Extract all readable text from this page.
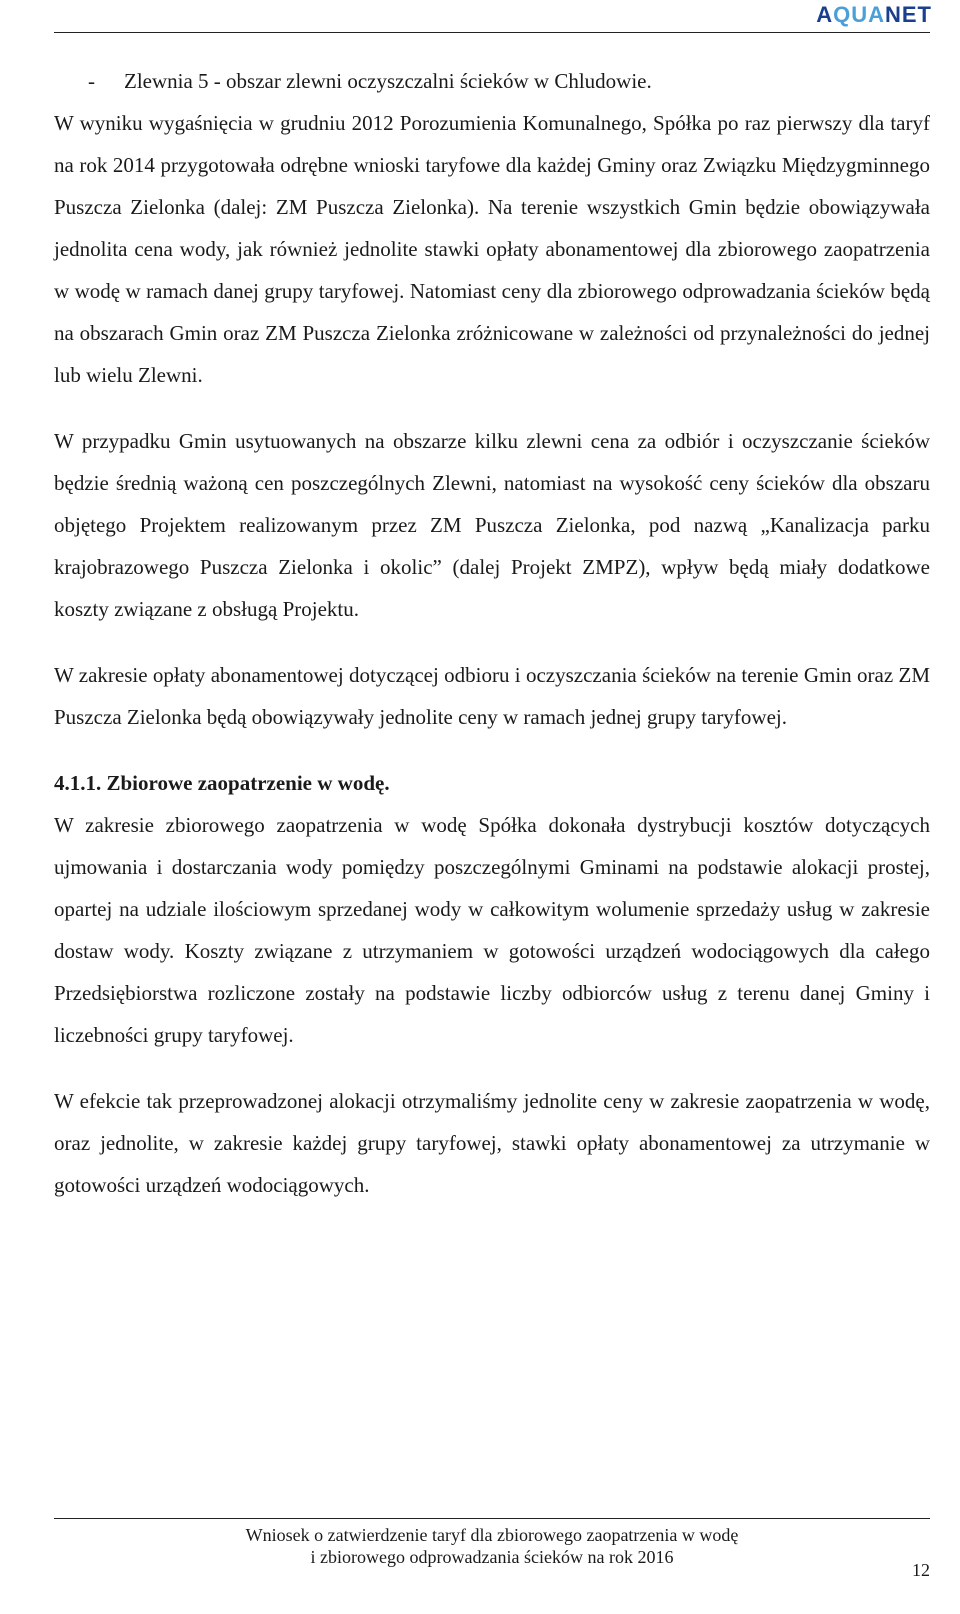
A QUA NET
-	Zlewnia 5 - obszar zlewni oczyszczalni ścieków w Chludowie.

W wyniku wygaśnięcia w grudniu 2012 Porozumienia Komunalnego, Spółka po raz pierwszy dla taryf na rok 2014 przygotowała odrębne wnioski taryfowe dla każdej Gminy oraz Związku Międzygminnego Puszcza Zielonka (dalej: ZM Puszcza Zielonka). Na terenie wszystkich Gmin będzie obowiązywała jednolita cena wody, jak również jednolite stawki opłaty abonamentowej dla zbiorowego zaopatrzenia w wodę w ramach danej grupy taryfowej. Natomiast ceny dla zbiorowego odprowadzania ścieków będą na obszarach Gmin oraz ZM Puszcza Zielonka zróżnicowane w zależności od przynależności do jednej lub wielu Zlewni.

W przypadku Gmin usytuowanych na obszarze kilku zlewni cena za odbiór i oczyszczanie ścieków będzie średnią ważoną cen poszczególnych Zlewni, natomiast na wysokość ceny ścieków dla obszaru objętego Projektem realizowanym przez ZM Puszcza Zielonka, pod nazwą „Kanalizacja parku krajobrazowego Puszcza Zielonka i okolic” (dalej Projekt ZMPZ), wpływ będą miały dodatkowe koszty związane z obsługą Projektu.

W zakresie opłaty abonamentowej dotyczącej odbioru i oczyszczania ścieków na terenie Gmin oraz ZM Puszcza Zielonka będą obowiązywały jednolite ceny w ramach jednej grupy taryfowej.

4.1.1. Zbiorowe zaopatrzenie w wodę.

W zakresie zbiorowego zaopatrzenia w wodę Spółka dokonała dystrybucji kosztów dotyczących ujmowania i dostarczania wody pomiędzy poszczególnymi Gminami na podstawie alokacji prostej, opartej na udziale ilościowym sprzedanej wody w całkowitym wolumenie sprzedaży usług w zakresie dostaw wody. Koszty związane z utrzymaniem w gotowości urządzeń wodociągowych dla całego Przedsiębiorstwa rozliczone zostały na podstawie liczby odbiorców usług z terenu danej Gminy i liczebności grupy taryfowej.

W efekcie tak przeprowadzonej alokacji otrzymaliśmy jednolite ceny w zakresie zaopatrzenia w wodę, oraz jednolite, w zakresie każdej grupy taryfowej, stawki opłaty abonamentowej za utrzymanie w gotowości urządzeń wodociągowych.

Wniosek o zatwierdzenie taryf dla zbiorowego zaopatrzenia w wodę
i zbiorowego odprowadzania ścieków na rok 2016
12
